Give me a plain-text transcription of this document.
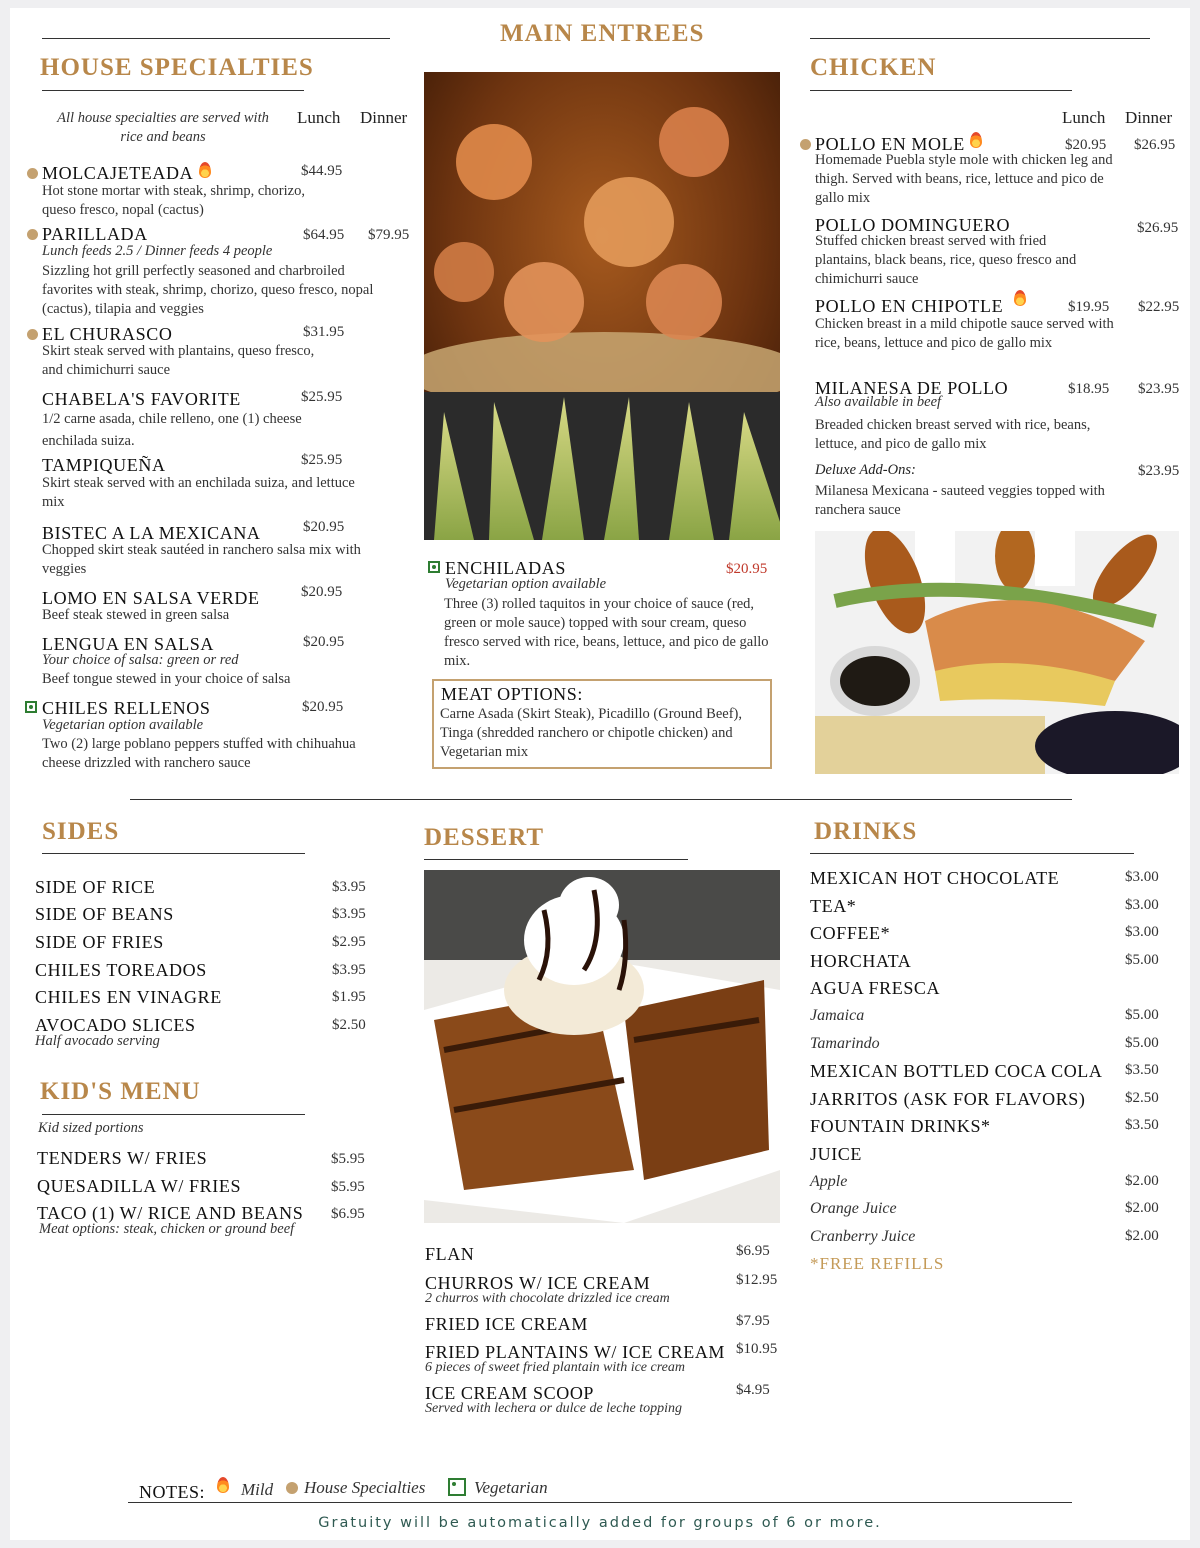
MAIN ENTREES
HOUSE SPECIALTIES
All house specialties are served with rice and beans
Lunch Dinner
MOLCAJETEADA	$44.95
Hot stone mortar with steak, shrimp, chorizo, queso fresco, nopal (cactus)
PARILLADA	$64.95 $79.95
Lunch feeds 2.5 / Dinner feeds 4 people
Sizzling hot grill perfectly seasoned and charbroiled favorites with steak, shrimp, chorizo, queso fresco, nopal (cactus), tilapia and veggies
EL CHURASCO	$31.95
Skirt steak served with plantains, queso fresco, and chimichurri sauce
CHABELA'S FAVORITE	$25.95
1/2 carne asada, chile relleno, one (1) cheese enchilada suiza.
TAMPIQUEÑA	$25.95
Skirt steak served with an enchilada suiza, and lettuce mix
BISTEC A LA MEXICANA	$20.95
Chopped skirt steak sautéed in ranchero salsa mix with veggies
LOMO EN SALSA VERDE	$20.95
Beef steak stewed in green salsa
LENGUA EN SALSA	$20.95
Your choice of salsa: green or red
Beef tongue stewed in your choice of salsa
CHILES RELLENOS	$20.95
Vegetarian option available
Two (2) large poblano peppers stuffed with chihuahua cheese drizzled with ranchero sauce
ENCHILADAS	$20.95
Vegetarian option available
Three (3) rolled taquitos in your choice of sauce (red, green or mole sauce) topped with sour cream, queso fresco served with rice, beans, lettuce, and pico de gallo mix.
MEAT OPTIONS:
Carne Asada (Skirt Steak), Picadillo (Ground Beef), Tinga (shredded ranchero or chipotle chicken) and Vegetarian mix
CHICKEN
Lunch Dinner
POLLO EN MOLE	$20.95 $26.95
Homemade Puebla style mole with chicken leg and thigh. Served with beans, rice, lettuce and pico de gallo mix
POLLO DOMINGUERO	$26.95
Stuffed chicken breast served with fried plantains, black beans, rice, queso fresco and chimichurri sauce
POLLO EN CHIPOTLE	$19.95 $22.95
Chicken breast in a mild chipotle sauce served with rice, beans, lettuce and pico de gallo mix
MILANESA DE POLLO	$18.95 $23.95
Also available in beef
Breaded chicken breast served with rice, beans, lettuce, and pico de gallo mix
Deluxe Add-Ons:	$23.95
Milanesa Mexicana - sauteed veggies topped with ranchera sauce
SIDES
KID'S MENU
Kid sized portions
DESSERT	DRINKS
*FREE REFILLS
NOTES: Mild House Specialties	Vegetarian
Gratuity will be automatically added for groups of 6 or more.
SIDE OF RICE	$3.95
SIDE OF BEANS	$3.95
SIDE OF FRIES	$2.95
CHILES TOREADOS	$3.95
CHILES EN VINAGRE	$1.95
AVOCADO SLICES	$2.50
Half avocado serving
TENDERS W/ FRIES	$5.95
QUESADILLA W/ FRIES	$5.95
TACO (1) W/ RICE AND BEANS $6.95
Meat options: steak, chicken or ground beef
FLAN	$6.95
CHURROS W/ ICE CREAM	$12.95
2 churros with chocolate drizzled ice cream
FRIED ICE CREAM	$7.95
FRIED PLANTAINS W/ ICE CREAM $10.95
6 pieces of sweet fried plantain with ice cream
ICE CREAM SCOOP	$4.95
Served with lechera or dulce de leche topping
MEXICAN HOT CHOCOLATE	$3.00
TEA*	$3.00
COFFEE*	$3.00
HORCHATA	$5.00
AGUA FRESCA
Jamaica	$5.00
Tamarindo	$5.00
MEXICAN BOTTLED COCA COLA $3.50
JARRITOS (ASK FOR FLAVORS)	$2.50
FOUNTAIN DRINKS*	$3.50
JUICE
Apple	$2.00
Orange Juice	$2.00
Cranberry Juice	$2.00
